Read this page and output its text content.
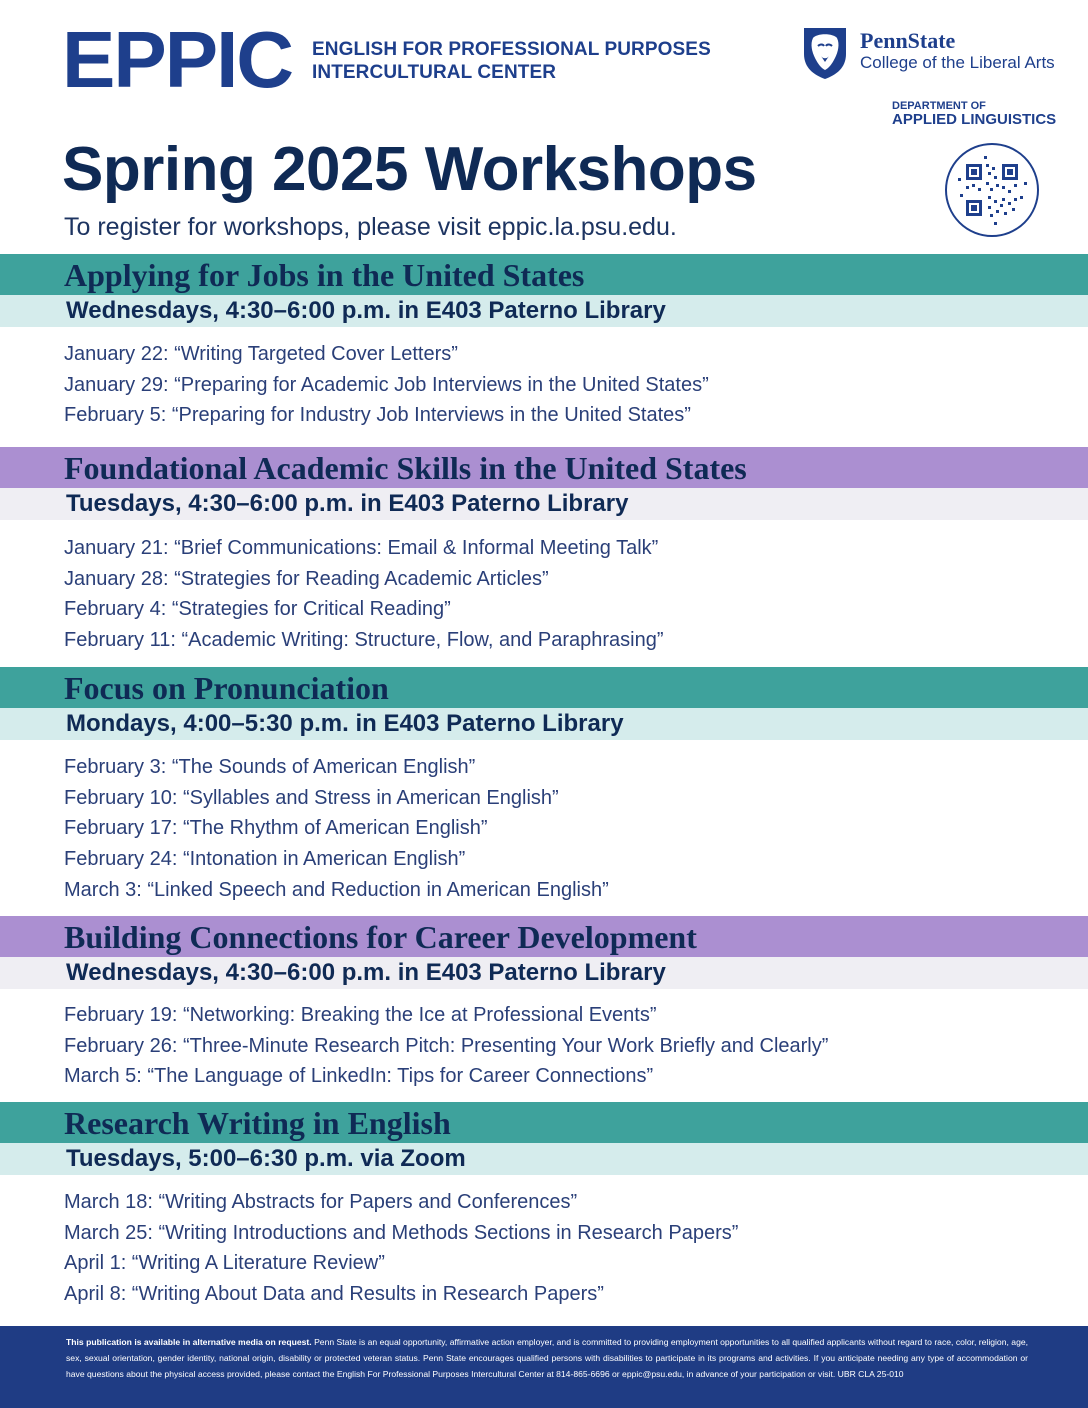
EPPIC ENGLISH FOR PROFESSIONAL PURPOSES
INTERCULTURAL CENTER
PennState
College of the Liberal Arts
DEPARTMENT OF
APPLIED LINGUISTICS
Spring 2025 Workshops
To register for workshops, please visit eppic.la.psu.edu.
Applying for Jobs in the United States
Wednesdays, 4:30–6:00 p.m. in E403 Paterno Library
January 22: “Writing Targeted Cover Letters”
January 29: “Preparing for Academic Job Interviews in the United States”
February 5: “Preparing for Industry Job Interviews in the United States”
Foundational Academic Skills in the United States
Tuesdays, 4:30–6:00 p.m. in E403 Paterno Library
January 21: “Brief Communications: Email & Informal Meeting Talk”
January 28: “Strategies for Reading Academic Articles”
February 4: “Strategies for Critical Reading”
February 11: “Academic Writing: Structure, Flow, and Paraphrasing”
Focus on Pronunciation
Mondays, 4:00–5:30 p.m. in E403 Paterno Library
February 3: “The Sounds of American English”
February 10: “Syllables and Stress in American English”
February 17: “The Rhythm of American English”
February 24: “Intonation in American English”
March 3: “Linked Speech and Reduction in American English”
Building Connections for Career Development
Wednesdays, 4:30–6:00 p.m. in E403 Paterno Library
February 19: “Networking: Breaking the Ice at Professional Events”
February 26: “Three-Minute Research Pitch: Presenting Your Work Briefly and Clearly”
March 5: “The Language of LinkedIn: Tips for Career Connections”
Research Writing in English
Tuesdays, 5:00–6:30 p.m. via Zoom
March 18: “Writing Abstracts for Papers and Conferences”
March 25: “Writing Introductions and Methods Sections in Research Papers”
April 1: “Writing A Literature Review”
April 8: “Writing About Data and Results in Research Papers”
This publication is available in alternative media on request. Penn State is an equal opportunity, affirmative action employer, and is committed to providing employment opportunities to all qualified applicants without regard to race, color, religion, age, sex, sexual orientation, gender identity, national origin, disability or protected veteran status. Penn State encourages qualified persons with disabilities to participate in its programs and activities. If you anticipate needing any type of accommodation or have questions about the physical access provided, please contact the English For Professional Purposes Intercultural Center at 814-865-6696 or eppic@psu.edu, in advance of your participation or visit. UBR CLA 25-010
